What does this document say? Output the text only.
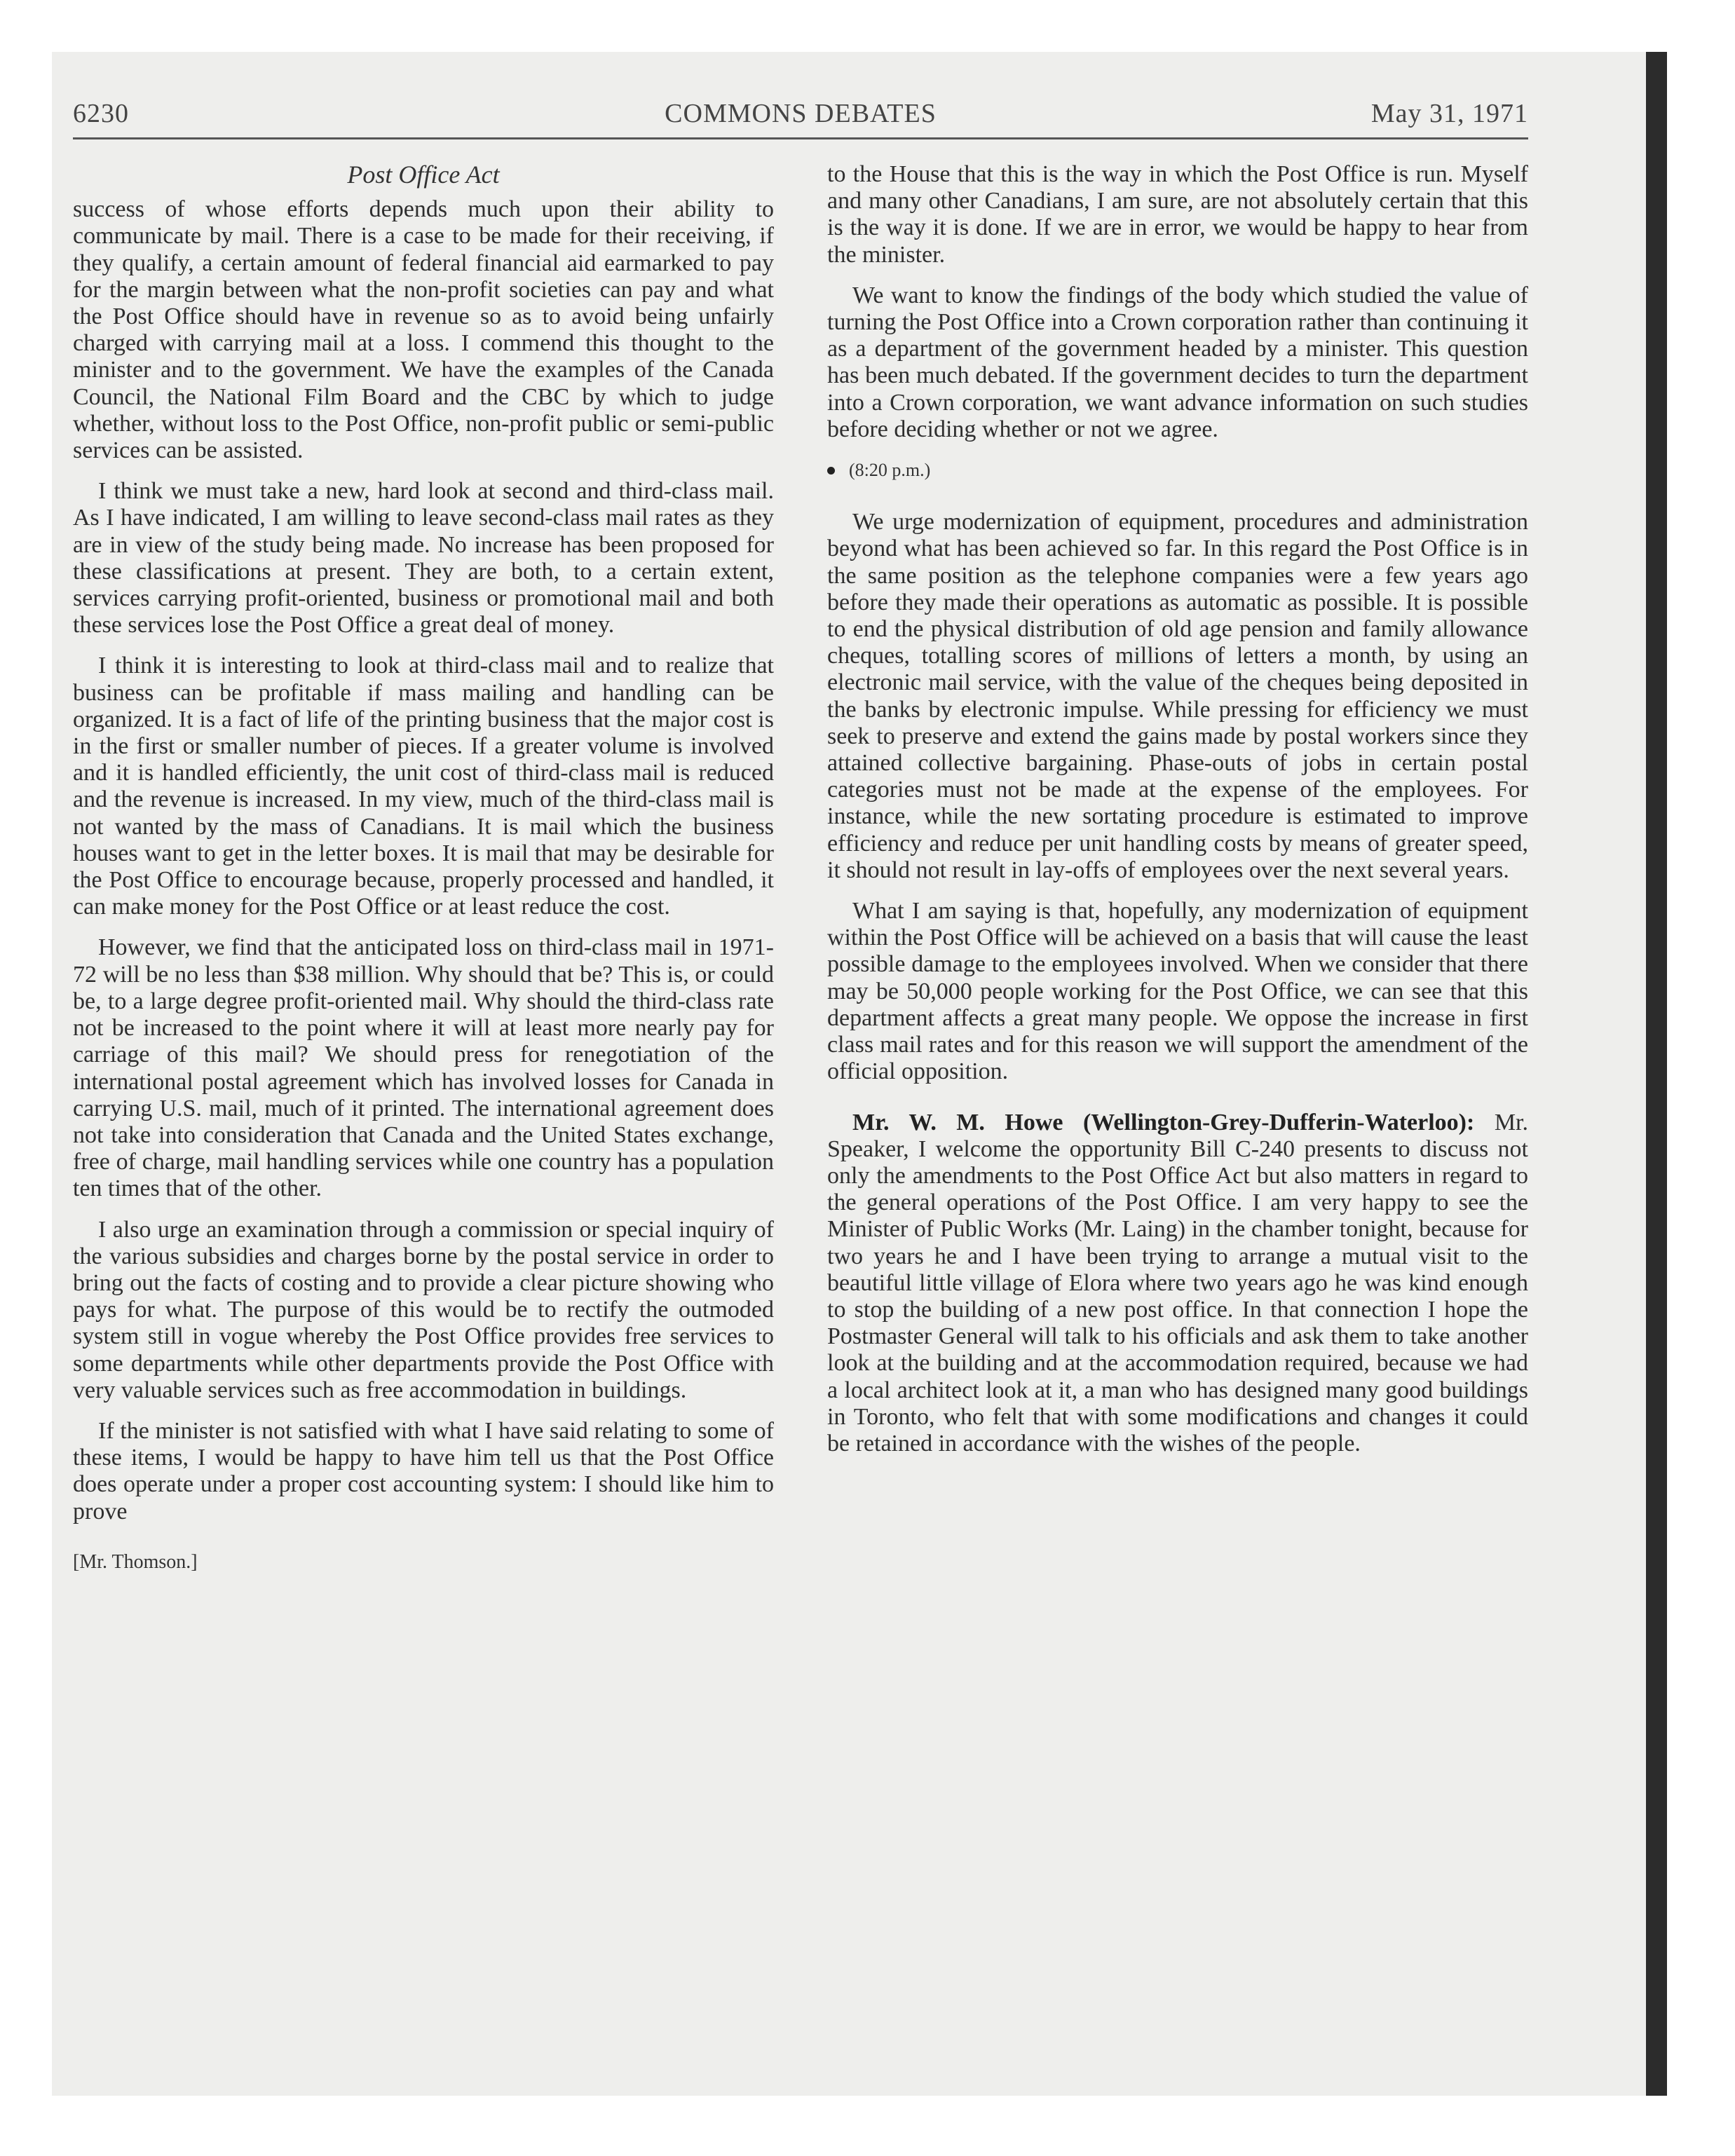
6230	COMMONS DEBATES	May 31, 1971
Post Office Act

success of whose efforts depends much upon their ability to communicate by mail. There is a case to be made for their receiving, if they qualify, a certain amount of federal financial aid earmarked to pay for the margin between what the non-profit societies can pay and what the Post Office should have in revenue so as to avoid being unfairly charged with carrying mail at a loss. I commend this thought to the minister and to the government. We have the examples of the Canada Council, the National Film Board and the CBC by which to judge whether, without loss to the Post Office, non-profit public or semi-public services can be assisted.

I think we must take a new, hard look at second and third-class mail. As I have indicated, I am willing to leave second-class mail rates as they are in view of the study being made. No increase has been proposed for these classifications at present. They are both, to a certain extent, services carrying profit-oriented, business or promotional mail and both these services lose the Post Office a great deal of money.

I think it is interesting to look at third-class mail and to realize that business can be profitable if mass mailing and handling can be organized. It is a fact of life of the printing business that the major cost is in the first or smaller number of pieces. If a greater volume is involved and it is handled efficiently, the unit cost of third-class mail is reduced and the revenue is increased. In my view, much of the third-class mail is not wanted by the mass of Canadians. It is mail which the business houses want to get in the letter boxes. It is mail that may be desirable for the Post Office to encourage because, properly processed and handled, it can make money for the Post Office or at least reduce the cost.

However, we find that the anticipated loss on third-class mail in 1971-72 will be no less than $38 million. Why should that be? This is, or could be, to a large degree profit-oriented mail. Why should the third-class rate not be increased to the point where it will at least more nearly pay for carriage of this mail? We should press for renegotiation of the international postal agreement which has involved losses for Canada in carrying U.S. mail, much of it printed. The international agreement does not take into consideration that Canada and the United States exchange, free of charge, mail handling services while one country has a population ten times that of the other.

I also urge an examination through a commission or special inquiry of the various subsidies and charges borne by the postal service in order to bring out the facts of costing and to provide a clear picture showing who pays for what. The purpose of this would be to rectify the outmoded system still in vogue whereby the Post Office provides free services to some departments while other departments provide the Post Office with very valuable services such as free accommodation in buildings.

If the minister is not satisfied with what I have said relating to some of these items, I would be happy to have him tell us that the Post Office does operate under a proper cost accounting system: I should like him to prove

[Mr. Thomson.]

to the House that this is the way in which the Post Office is run. Myself and many other Canadians, I am sure, are not absolutely certain that this is the way it is done. If we are in error, we would be happy to hear from the minister.

We want to know the findings of the body which studied the value of turning the Post Office into a Crown corporation rather than continuing it as a department of the government headed by a minister. This question has been much debated. If the government decides to turn the department into a Crown corporation, we want advance information on such studies before deciding whether or not we agree.

(8:20 p.m.)

We urge modernization of equipment, procedures and administration beyond what has been achieved so far. In this regard the Post Office is in the same position as the telephone companies were a few years ago before they made their operations as automatic as possible. It is possible to end the physical distribution of old age pension and family allowance cheques, totalling scores of millions of letters a month, by using an electronic mail service, with the value of the cheques being deposited in the banks by electronic impulse. While pressing for efficiency we must seek to preserve and extend the gains made by postal workers since they attained collective bargaining. Phase-outs of jobs in certain postal categories must not be made at the expense of the employees. For instance, while the new sortating procedure is estimated to improve efficiency and reduce per unit handling costs by means of greater speed, it should not result in lay-offs of employees over the next several years.

What I am saying is that, hopefully, any modernization of equipment within the Post Office will be achieved on a basis that will cause the least possible damage to the employees involved. When we consider that there may be 50,000 people working for the Post Office, we can see that this department affects a great many people. We oppose the increase in first class mail rates and for this reason we will support the amendment of the official opposition.

Mr. W. M. Howe (Wellington-Grey-Dufferin-Waterloo): Mr. Speaker, I welcome the opportunity Bill C-240 presents to discuss not only the amendments to the Post Office Act but also matters in regard to the general operations of the Post Office. I am very happy to see the Minister of Public Works (Mr. Laing) in the chamber tonight, because for two years he and I have been trying to arrange a mutual visit to the beautiful little village of Elora where two years ago he was kind enough to stop the building of a new post office. In that connection I hope the Postmaster General will talk to his officials and ask them to take another look at the building and at the accommodation required, because we had a local architect look at it, a man who has designed many good buildings in Toronto, who felt that with some modifications and changes it could be retained in accordance with the wishes of the people.
